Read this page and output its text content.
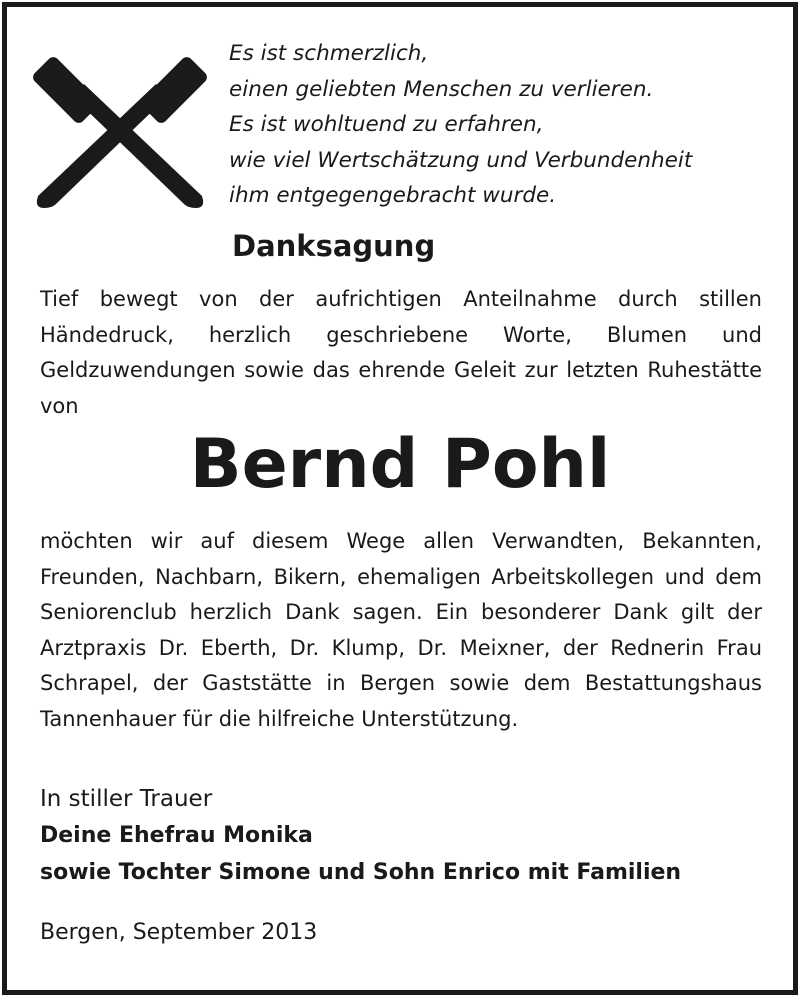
Es ist schmerzlich,
einen geliebten Menschen zu verlieren.
Es ist wohltuend zu erfahren,
wie viel Wertschätzung und Verbundenheit
ihm entgegengebracht wurde.
Danksagung
Tief bewegt von der aufrichtigen Anteilnahme durch stillen Händedruck, herzlich geschriebene Worte, Blumen und Geldzuwendungen sowie das ehrende Geleit zur letzten Ruhestätte von
Bernd Pohl
möchten wir auf diesem Wege allen Verwandten, Bekannten, Freunden, Nachbarn, Bikern, ehemaligen Arbeitskollegen und dem Seniorenclub herzlich Dank sagen. Ein besonderer Dank gilt der Arztpraxis Dr. Eberth, Dr. Klump, Dr. Meixner, der Rednerin Frau Schrapel, der Gaststätte in Bergen sowie dem Bestattungshaus Tannenhauer für die hilfreiche Unterstützung.
In stiller Trauer
Deine Ehefrau Monika
sowie Tochter Simone und Sohn Enrico mit Familien
Bergen, September 2013
